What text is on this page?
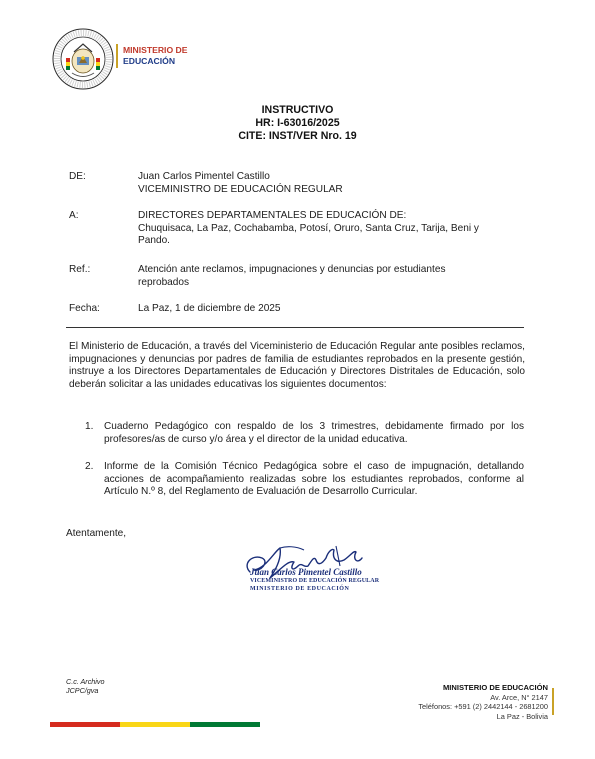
MINISTERIO DE
EDUCACIÓN
INSTRUCTIVO
HR: I-63016/2025
CITE: INST/VER Nro. 19
DE:	Juan Carlos Pimentel Castillo
VICEMINISTRO DE EDUCACIÓN REGULAR
A:	DIRECTORES DEPARTAMENTALES DE EDUCACIÓN DE:
Chuquisaca, La Paz, Cochabamba, Potosí, Oruro, Santa Cruz, Tarija, Beni y
Pando.
Ref.:	Atención ante reclamos, impugnaciones y denuncias por estudiantes
reprobados
Fecha:	La Paz, 1 de diciembre de 2025
El Ministerio de Educación, a través del Viceministerio de Educación Regular ante posibles reclamos, impugnaciones y denuncias por padres de familia de estudiantes reprobados en la presente gestión, instruye a los Directores Departamentales de Educación y Directores Distritales de Educación, solo deberán solicitar a las unidades educativas los siguientes documentos:
1. Cuaderno Pedagógico con respaldo de los 3 trimestres, debidamente firmado por los profesores/as de curso y/o área y el director de la unidad educativa.
2. Informe de la Comisión Técnico Pedagógica sobre el caso de impugnación, detallando acciones de acompañamiento realizadas sobre los estudiantes reprobados, conforme al Artículo N.º 8, del Reglamento de Evaluación de Desarrollo Curricular.
Atentamente,
Juan Carlos Pimentel Castillo
VICEMINISTRO DE EDUCACIÓN REGULAR
MINISTERIO DE EDUCACIÓN
C.c. Archivo
JCPC/gva	MINISTERIO DE EDUCACIÓN
Av. Arce, N° 2147
Teléfonos: +591 (2) 2442144 - 2681200
La Paz - Bolivia
